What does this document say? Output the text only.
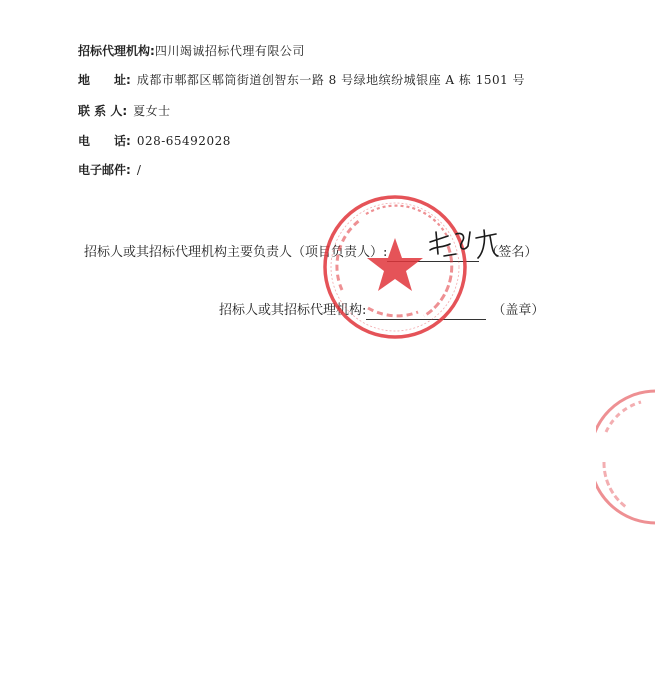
招标代理机构:四川竭诚招标代理有限公司
地　　址: 成都市郫都区郫筒街道创智东一路 8 号绿地缤纷城银座 A 栋 1501 号
联 系 人: 夏女士
电　　话: 028-65492028
电子邮件: /
招标人或其招标代理机构主要负责人（项目负责人）:	（签名）
招标人或其招标代理机构:	（盖章）
